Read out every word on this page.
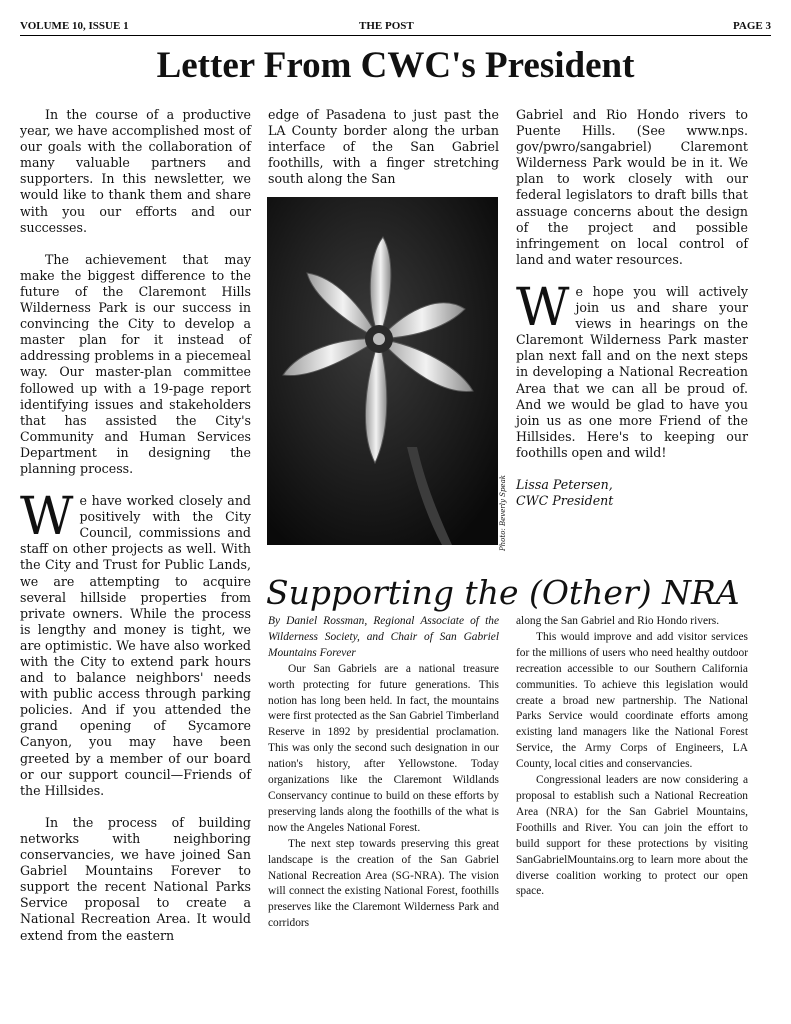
VOLUME 10, ISSUE 1	THE POST	PAGE 3
Letter From CWC's President

In the course of a productive year, we have accomplished most of our goals with the collaboration of many valuable partners and supporters. In this newsletter, we would like to thank them and share with you our efforts and our successes.

The achievement that may make the biggest difference to the future of the Claremont Hills Wilderness Park is our success in convincing the City to develop a master plan for it instead of addressing problems in a piecemeal way. Our master-plan committee followed up with a 19-page report identifying issues and stakeholders that has assisted the City's Community and Human Services Department in designing the planning process.

We have worked closely and positively with the City Council, commissions and staff on other projects as well. With the City and Trust for Public Lands, we are attempting to acquire several hillside properties from private owners. While the process is lengthy and money is tight, we are optimistic. We have also worked with the City to extend park hours and to balance neighbors' needs with public access through parking policies. And if you attended the grand opening of Sycamore Canyon, you may have been greeted by a member of our board or our support council—Friends of the Hillsides.

In the process of building networks with neighboring conservancies, we have joined San Gabriel Mountains Forever to support the recent National Parks Service proposal to create a National Recreation Area. It would extend from the eastern

edge of Pasadena to just past the LA County border along the urban interface of the San Gabriel foothills, with a finger stretching south along the San

Photo: Beverly Speak

Gabriel and Rio Hondo rivers to Puente Hills. (See www.nps. gov/pwro/sangabriel) Claremont Wilderness Park would be in it. We plan to work closely with our federal legislators to draft bills that assuage concerns about the design of the project and possible infringement on local control of land and water resources.

We hope you will actively join us and share your views in hearings on the Claremont Wilderness Park master plan next fall and on the next steps in developing a National Recreation Area that we can all be proud of. And we would be glad to have you join us as one more Friend of the Hillsides. Here's to keeping our foothills open and wild!

Lissa Petersen,

CWC President

Supporting the (Other) NRA

By Daniel Rossman, Regional Associate of the Wilderness Society, and Chair of San Gabriel Mountains Forever

Our San Gabriels are a national treasure worth protecting for future generations. This notion has long been held. In fact, the mountains were first protected as the San Gabriel Timberland Reserve in 1892 by presidential proclamation. This was only the second such designation in our nation's history, after Yellowstone. Today organizations like the Claremont Wildlands Conservancy continue to build on these efforts by preserving lands along the foothills of the what is now the Angeles National Forest.

The next step towards preserving this great landscape is the creation of the San Gabriel National Recreation Area (SG-NRA). The vision will connect the existing National Forest, foothills preserves like the Claremont Wilderness Park and corridors

along the San Gabriel and Rio Hondo rivers.

This would improve and add visitor services for the millions of users who need healthy outdoor recreation accessible to our Southern California communities. To achieve this legislation would create a broad new partnership. The National Parks Service would coordinate efforts among existing land managers like the National Forest Service, the Army Corps of Engineers, LA County, local cities and conservancies.

Congressional leaders are now considering a proposal to establish such a National Recreation Area (NRA) for the San Gabriel Mountains, Foothills and River. You can join the effort to build support for these protections by visiting SanGabrielMountains.org to learn more about the diverse coalition working to protect our open space.
